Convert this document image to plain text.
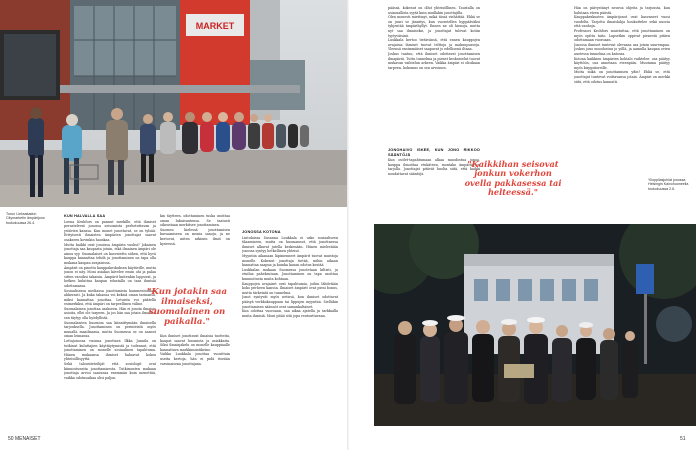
MARKET
Turun Lieksakadun Citymarketin ämpärijono toukokuussa 26.4.
KUN HALVALLA SAA

Leena Kruhfors on pannut merkille, että ihmiset perustelevat jonossa seisomista perhetuttavan ja ystävien kanssa. Kun monet jonottavat, se on tylsää. Erityisesti ilmaisten ämpärien jonottajat saavat osakseen kovinkin hauskaa.

Mutta kaikki ovat jonoissa ämpärin vuoksi? Jokainen jonottaja saa kaupasta jotain, eikä ilmainen ämpäri ole ainoa syy. Suomalaiset on kasvatettu siihen, että hyvä kauppa kannattaa tehdä ja jonottaminen on tapa olla mukana kaupan avajaisissa.

Ämpärit on pinottu kauppakeskuksen käytäville, mutta jonon ei näy. Moni asiakas kävelee ensin ohi ja palaa sitten varoiksi takaisin. Ämpärit kuitenkin loppuvat, ja hetken kuluttua kaupan edustalla on taas ihmisiä odottamassa.

Sosiaalisessa mediassa jonottamista kommentoidaan ahkerasti. Ja kuka tahansa voi keksiä oman tarinansa, miksi kannattaa jonottaa. Letuista voi päätellä esimerkiksi, että ämpäri on tarpeellinen väline.

Suomalainen jonottaa osakseen. Hän ei jonota ilmaisia asioita, ellei ole tarpeen. Ja jos hän saa jotain ilmaista, sen täytyy olla hyödyllistä.

Suomalaisten huomion saa kiinnittymään ilmaisella tarjouksella. Jonottaminen on perinteistä myös muualla maailmassa, mutta Suomessa se on saanut oman leimansa.

Lettujonossa vuonna jonottava Ilkka Junnila on tutkinut kuluttajien käyttäytymistä ja todennut, että jonottaminen on monelle sosiaalinen tapahtuma. Hänen mukaansa ihmiset haluavat kokea yhteisöllisyyttä.

Sekä taloustieteilijät että sosiologit ovat kiinnostuneita jonottamisesta. Tutkimusten mukaan jonottaja arvioi saavansa enemmän kuin menettää, vaikka odotusaikaa olisi paljon.

"Kun jotakin saa ilmaiseksi, suomalainen on paikalla."

kin täytteen, odottaminen tuska osoittaa oman lukuisuutensa. Se taatusti oikeastaan merkitsee jonottaminen.

Suomen kielessä jonottamisen kuvaamiseen on monia sanoja, ja ne kertovat, miten arkinen ilmiö on kyseessä.

Kun ihmiset jonottavat ilmaisia tuotteita, kaupat saavat huomiota ja asiakkaita. Siksi ilmaisjakelu on monelle kauppiaalle kannattava markkinointikeino.

Vaikka Luukkala jonottaa vuosittain useita kertoja, hän ei pidä itseään varsinaisena jonottajana.

JONOSSA KOTONA

Lintulaissa Susanna Luukkala ei usko sosiaaliseen tilaamiseen, mutta on huomannut, että jonottaessa ihmiset alkavat jutella keskenään. Hänen mielestään jonossa syntyy hetkellinen yhteisö.

Myyntiin aikanaan läpimenneet ämpärit tuovat muistoja monelle. Kokenut jonottaja tietää, mihin aikaan kannattaa saapua ja kuinka kauan odotus kestää.

Luukkalan mukaan Suomessa jonotetaan kiltisti, ja etuilua paheksutaan. Jonottaminen on tapa osoittaa kunnioitusta muita kohtaan.

Kauppojen avajaiset ovat tapahtumia, joihin lähdetään koko perheen kanssa. Ilmaiset ämpärit ovat pieni bonus, mutta tärkeintä on tunnelma.

Jonot syntyvät myös netissä, kun ihmiset odottavat pääsyä verkkokauppaan tai lippujen myyntiin. Sielläkin jonottamisen säännöt ovat samankaltaiset.

Kun odottaa vuoroaan, saa aikaa ajatella ja tarkkailla muita ihmisiä. Moni pitää sitä jopa rentouttavana.

50 MENAISET

päässä, kokenut on ollut yhteisöllinen. Taustalla on asiaosallista syytä kuin muillakin jonottajilla.

Olen monesti miettinyt, mikä tässä viehättää. Ehkä se on juuri se jännitys, kun vuorotellen hyppääväksi tyhjentää ämpärihyllyt. Ennen ne oli hienoja, mutta nyt saa ilmaiseksi, ja jonottajat tulevat kotiin tyytyväisinä.

Luukkala kertoo tietävänsä, että ennen kauppojen avajaisia ihmiset tuovat telttoja ja makuupusseja. Yleensä ensimmäiset saapuvat jo edellisenä iltana.

Joskus tuntuu, että ihmiset odottavat jonottamisen ilmapiiriä. Tuttu tunnelma ja pienet keskustelut tuovat mukavan vaihtelun arkeen. Vaikka ämpäri ei olisikaan tarpeen, kokemus on sen arvoinen.

JONOHAIVO ISKEE, KUN JONO RIKKOO SÄÄNTÖJÄ

Kun outlet-tapahtumaan alkaa muodostua jonoa, kauppa ilmoittaa etukäteen, montako ämpäriä on tarjolla. Jonottajat pitävät huolta siitä, että kaikki noudattavat sääntöjä.

"Kaikkihan seisovat jonkun vokerhon ovella pakkasessa tai helteessä."

Hän on päivystänyt neuvoa ohjeita ja tarjousta, kun halutaan eteen päästä.

Kauppakeskusten ämpärijonot ovat kasvaneet vuosi vuodelta. Tarjottu ilmaislahja houkuttelee sekä nuoria että vanhoja.

Professori Krohfors muistuttaa, että jonottaminen on myös opittu taito. Lapsetkin oppivat pienestä pitäen odottamaan vuoroaan.

Jonossa ihmiset tuntevat olevansa osa jotain suurempaa. Joskus jono muodostuu jo yöllä, ja aamulla kaupan ovien auetessa tunnelma on katossa.

Kotona kaikkien ämpärien kohtalo vaihtelee: osa päätyy käyttöön, osa annetaan eteenpäin. Muutama päätyy myös kirpputoreille.

Mutta mikä on jonottamisen ydin? Ehkä se, että jonottajat tuntevat voittavansa jotain. Ämpäri on merkki siitä, että odotus kannatti.

Ylioppilasjuhlat jonossa Helsingin Kaivohuoneella toukokuussa 2.6.
51
